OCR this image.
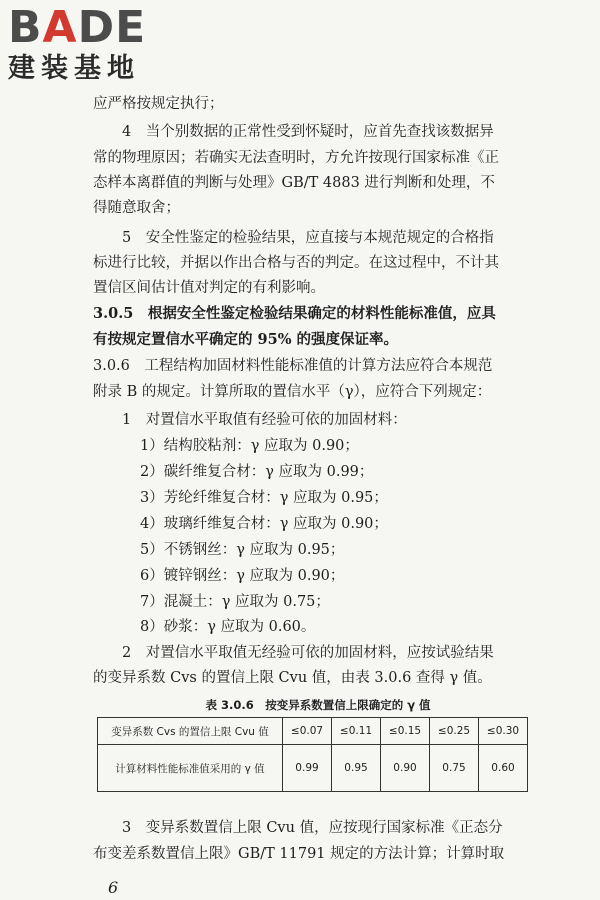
BADE
建装基地
应严格按规定执行；
4　当个别数据的正常性受到怀疑时，应首先查找该数据异
常的物理原因；若确实无法查明时，方允许按现行国家标准《正
态样本离群值的判断与处理》GB/T 4883 进行判断和处理，不
得随意取舍；
5　安全性鉴定的检验结果，应直接与本规范规定的合格指
标进行比较，并据以作出合格与否的判定。在这过程中，不计其
置信区间估计值对判定的有利影响。
3.0.5　根据安全性鉴定检验结果确定的材料性能标准值，应具
有按规定置信水平确定的 95% 的强度保证率。
3.0.6　工程结构加固材料性能标准值的计算方法应符合本规范
附录 B 的规定。计算所取的置信水平（γ），应符合下列规定：
1　对置信水平取值有经验可依的加固材料：
1）结构胶粘剂：γ 应取为 0.90；
2）碳纤维复合材：γ 应取为 0.99；
3）芳纶纤维复合材：γ 应取为 0.95；
4）玻璃纤维复合材：γ 应取为 0.90；
5）不锈钢丝：γ 应取为 0.95；
6）镀锌钢丝：γ 应取为 0.90；
7）混凝土：γ 应取为 0.75；
8）砂浆：γ 应取为 0.60。
2　对置信水平取值无经验可依的加固材料，应按试验结果
的变异系数 Cvs 的置信上限 Cvu 值，由表 3.0.6 查得 γ 值。
表 3.0.6　按变异系数置信上限确定的 γ 值
变异系数 Cvs 的置信上限 Cvu 值	≤0.07	≤0.11	≤0.15	≤0.25	≤0.30
计算材料性能标准值采用的 γ 值	0.99	0.95	0.90	0.75	0.60
3　变异系数置信上限 Cvu 值，应按现行国家标准《正态分
布变差系数置信上限》GB/T 11791 规定的方法计算；计算时取
6
